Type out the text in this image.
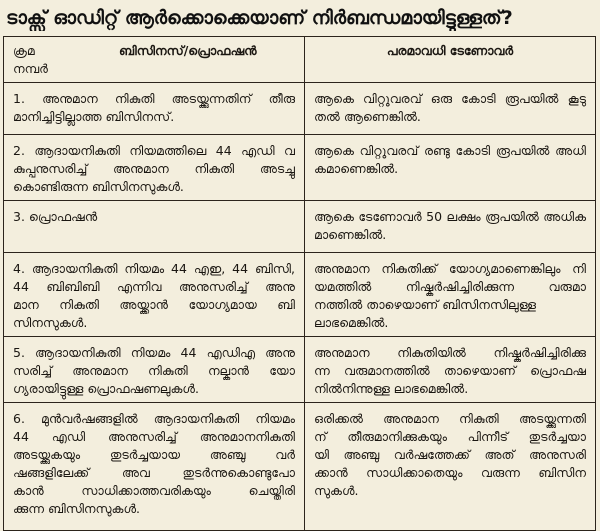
ടാക്സ് ഓഡിറ്റ് ആർക്കൊക്കെയാണ് നിർബന്ധമായിട്ടുള്ളത്?
ക്രമ
നമ്പർ
ബിസിനസ്/പ്രൊഫഷൻ	പരമാവധി ടേണോവർ
1. അനുമാന നികുതി അടയ്ക്കുന്നതിന് തീരു
മാനിച്ചിട്ടില്ലാത്ത ബിസിനസ്.
ആകെ വിറ്റുവരവ് ഒരു കോടി രൂപയിൽ കൂടു
തൽ ആണെങ്കിൽ.
2. ആദായനികുതി നിയമത്തിലെ 44 എഡി വ
കുപ്പനുസരിച്ച് അനുമാന നികുതി അടച്ചു
കൊണ്ടിരുന്ന ബിസിനസുകൾ.
ആകെ വിറ്റുവരവ് രണ്ടു കോടി രൂപയിൽ അധി
കമാണെങ്കിൽ.
3. പ്രൊഫഷൻ	ആകെ ടേണോവർ 50 ലക്ഷം രൂപയിൽ അധിക
മാണെങ്കിൽ.
4. ആദായനികുതി നിയമം 44 എഇ, 44 ബിസി,
44 ബിബിബി എന്നിവ അനുസരിച്ച് അനു
മാന നികുതി അയ്ക്കാൻ യോഗ്യമായ ബി
സിനസുകൾ.
അനുമാന നികുതിക്ക് യോഗ്യമാണെങ്കിലും നി
യമത്തിൽ നിഷ്കർഷിച്ചിരിക്കുന്ന വരുമാ
നത്തിൽ താഴെയാണ് ബിസിനസിലുള്ള
ലാഭമെങ്കിൽ.
5. ആദായനികുതി നിയമം 44 എഡിഎ അനു
സരിച്ച് അനുമാന നികുതി നല്കാൻ യോ
ഗ്യരായിട്ടുള്ള പ്രൊഫഷണലുകൾ.
അനുമാന നികുതിയിൽ നിഷ്കർഷിച്ചിരിക്കു
ന്ന വരുമാനത്തിൽ താഴെയാണ് പ്രൊഫഷ
നിൽനിന്നുള്ള ലാഭമെങ്കിൽ.
6. മുൻവർഷങ്ങളിൽ ആദായനികുതി നിയമം
44 എഡി അനുസരിച്ച് അനുമാനനികുതി
അടയ്ക്കുകയും തുടർച്ചയായ അഞ്ചു വർ
ഷങ്ങളിലേക്ക് അവ തുടർന്നുകൊണ്ടുപോ
കാൻ സാധിക്കാത്തവരികയും ചെയ്തിരി
ക്കുന്ന ബിസിനസുകൾ.
ഒരിക്കൽ അനുമാന നികുതി അടയ്ക്കുന്നതി
ന് തീരുമാനിക്കുകയും പിന്നീട് തുടർച്ചയാ
യി അഞ്ചു വർഷത്തേക്ക് അത് അനുസരി
ക്കാൻ സാധിക്കാതെയും വരുന്ന ബിസിന
സുകൾ.
